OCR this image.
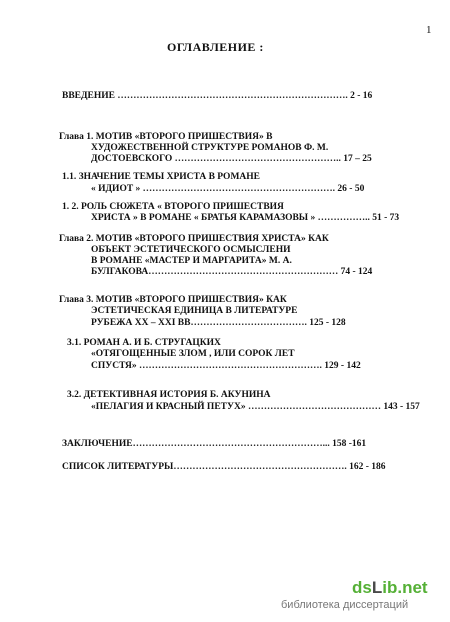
1
ОГЛАВЛЕНИЕ :
ВВЕДЕНИЕ ………………………………………………………………. 2 - 16
Глава 1. МОТИВ «ВТОРОГО ПРИШЕСТВИЯ» В
ХУДОЖЕСТВЕННОЙ СТРУКТУРЕ РОМАНОВ Ф. М.
ДОСТОЕВСКОГО …………………………………………….. 17 – 25
1.1. ЗНАЧЕНИЕ ТЕМЫ ХРИСТА В РОМАНЕ
« ИДИОТ » ……………………………………………………. 26 - 50
1. 2. РОЛЬ СЮЖЕТА « ВТОРОГО ПРИШЕСТВИЯ
ХРИСТА » В РОМАНЕ « БРАТЬЯ КАРАМАЗОВЫ » …………….. 51 - 73
Глава 2. МОТИВ «ВТОРОГО ПРИШЕСТВИЯ ХРИСТА» КАК
ОБЪЕКТ ЭСТЕТИЧЕСКОГО ОСМЫСЛЕНИ
В РОМАНЕ «МАСТЕР И МАРГАРИТА» М. А.
БУЛГАКОВА…………………………………………………… 74 - 124
Глава 3. МОТИВ «ВТОРОГО ПРИШЕСТВИЯ» КАК
ЭСТЕТИЧЕСКАЯ ЕДИНИЦА В ЛИТЕРАТУРЕ
РУБЕЖА XX – XXI ВВ………………………………. 125 - 128
3.1. РОМАН А. И Б. СТРУГАЦКИХ
«ОТЯГОЩЕННЫЕ ЗЛОМ , ИЛИ СОРОК ЛЕТ
СПУСТЯ» …………………………………………………. 129 - 142
3.2. ДЕТЕКТИВНАЯ ИСТОРИЯ Б. АКУНИНА
«ПЕЛАГИЯ И КРАСНЫЙ ПЕТУХ» …………………………………… 143 - 157
ЗАКЛЮЧЕНИЕ……………………………………………………... 158 -161
СПИСОК ЛИТЕРАТУРЫ………………………………………………. 162 - 186
dsLib.net
библиотека диссертаций
